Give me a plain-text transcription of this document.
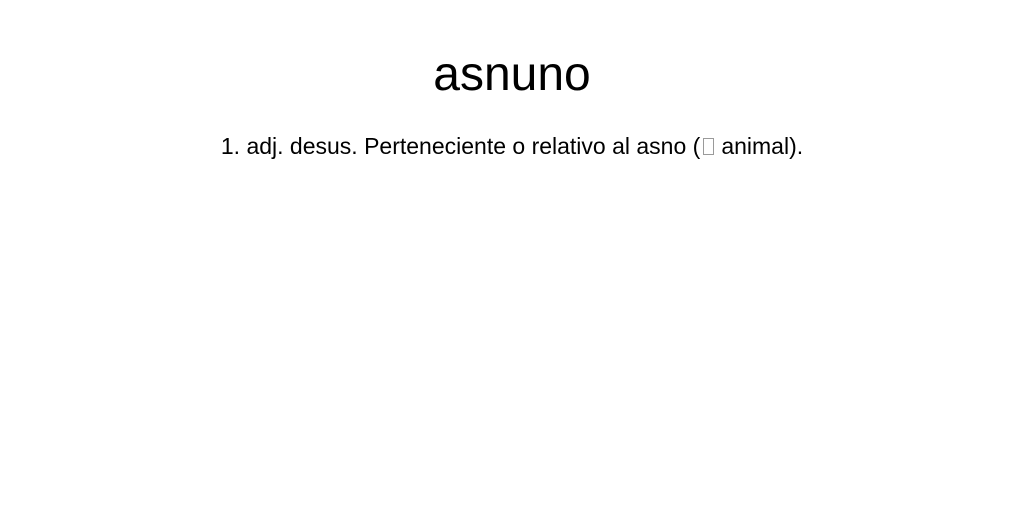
asnuno

1. adj. desus. Perteneciente o relativo al asno ( animal).
